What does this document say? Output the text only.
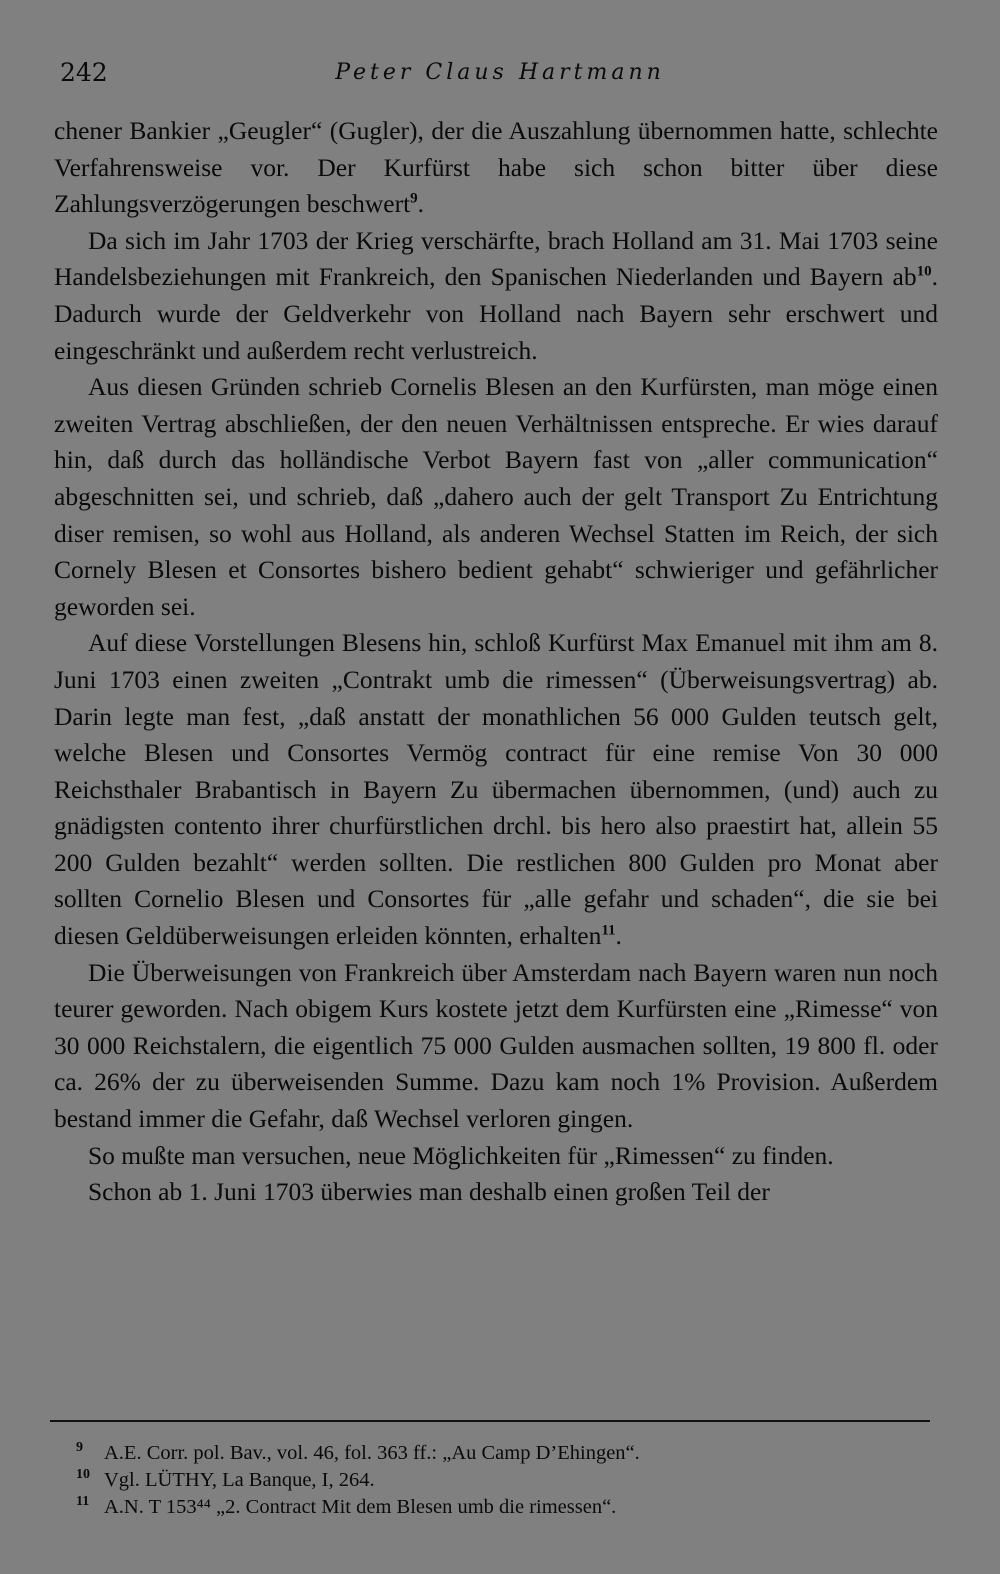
242	Peter Claus Hartmann

chener Bankier „Geugler“ (Gugler), der die Auszahlung übernommen hatte, schlechte Verfahrensweise vor. Der Kurfürst habe sich schon bitter über diese Zahlungsverzögerungen beschwert$^9$.

Da sich im Jahr 1703 der Krieg verschärfte, brach Holland am 31. Mai 1703 seine Handelsbeziehungen mit Frankreich, den Spanischen Niederlanden und Bayern $ab^{10}$. Dadurch wurde der Geldverkehr von Holland nach Bayern sehr erschwert und eingeschränkt und außerdem recht verlustreich.

Aus diesen Gründen schrieb Cornelis Blesen an den Kurfürsten, man möge einen zweiten Vertrag abschließen, der den neuen Verhältnissen entspreche. Er wies darauf hin, daß durch das holländische Verbot Bayern fast von „aller communication“ abgeschnitten sei, und schrieb, daß „dahero auch der gelt Transport Zu Entrichtung diser remisen, so wohl aus Holland, als anderen Wechsel Statten im Reich, der sich Cornely Blesen et Consortes bishero bedient gehabt“ schwieriger und gefährlicher geworden sei.

Auf diese Vorstellungen Blesens hin, schloß Kurfürst Max Emanuel mit ihm am 8. Juni 1703 einen zweiten „Contrakt umb die rimessen“ (Überweisungsvertrag) ab. Darin legte man fest, „daß anstatt der monathlichen 56 000 Gulden teutsch gelt, welche Blesen und Consortes Vermög contract für eine remise Von 30 000 Reichsthaler Brabantisch in Bayern Zu übermachen übernommen, (und) auch zu gnädigsten contento ihrer churfürstlichen drchl. bis hero also praestirt hat, allein 55 200 Gulden bezahlt“ werden sollten. Die restlichen 800 Gulden pro Monat aber sollten Cornelio Blesen und Consortes für „alle gefahr und schaden“, die sie bei diesen Geldüberweisungen erleiden könnten, erhalten$^{11}$.

Die Überweisungen von Frankreich über Amsterdam nach Bayern waren nun noch teurer geworden. Nach obigem Kurs kostete jetzt dem Kurfürsten eine „Rimesse“ von 30 000 Reichstalern, die eigentlich 75 000 Gulden ausmachen sollten, 19 800 fl. oder ca. 26% der zu überweisenden Summe. Dazu kam noch 1% Provision. Außerdem bestand immer die Gefahr, daß Wechsel verloren gingen.

So mußte man versuchen, neue Möglichkeiten für „Rimessen“ zu finden.

Schon ab 1. Juni 1703 überwies man deshalb einen großen Teil der

9 A.E. Corr. pol. Bav., vol. 46, fol. 363 ff.: „Au Camp D’Ehingen“.

10 Vgl. LÜTHY, La Banque, I, 264.

11 A.N. T 153⁴⁴ „2. Contract Mit dem Blesen umb die rimessen“.
